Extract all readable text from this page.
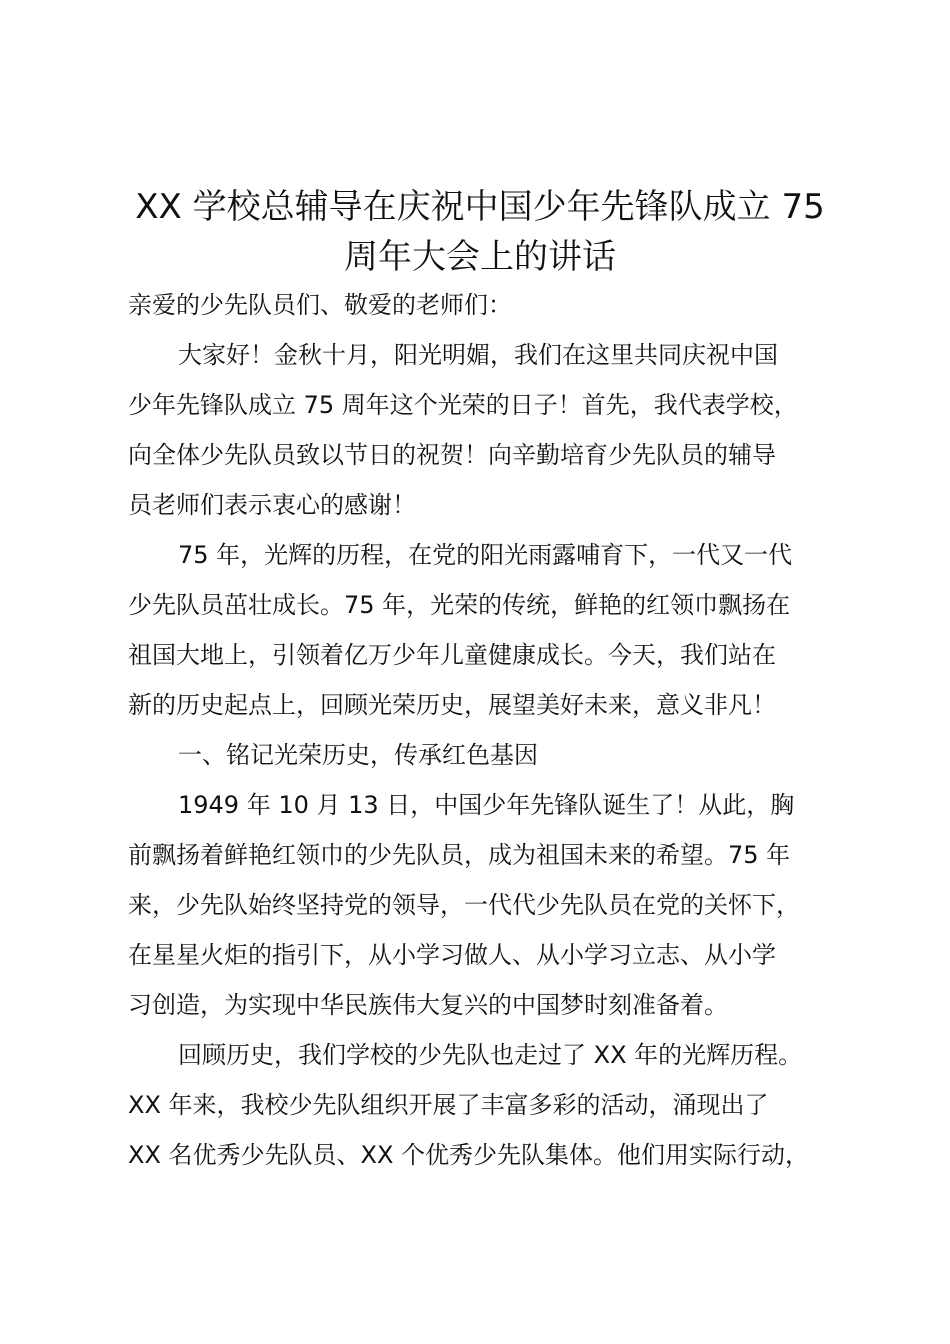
XX 学校总辅导在庆祝中国少年先锋队成立 75
周年大会上的讲话

亲爱的少先队员们、敬爱的老师们：

大家好！金秋十月，阳光明媚，我们在这里共同庆祝中国

少年先锋队成立 75 周年这个光荣的日子！首先，我代表学校，

向全体少先队员致以节日的祝贺！向辛勤培育少先队员的辅导

员老师们表示衷心的感谢！

75 年，光辉的历程，在党的阳光雨露哺育下，一代又一代

少先队员茁壮成长。75 年，光荣的传统，鲜艳的红领巾飘扬在

祖国大地上，引领着亿万少年儿童健康成长。今天，我们站在

新的历史起点上，回顾光荣历史，展望美好未来，意义非凡！

一、铭记光荣历史，传承红色基因

1949 年 10 月 13 日，中国少年先锋队诞生了！从此，胸

前飘扬着鲜艳红领巾的少先队员，成为祖国未来的希望。75 年

来，少先队始终坚持党的领导，一代代少先队员在党的关怀下，

在星星火炬的指引下，从小学习做人、从小学习立志、从小学

习创造，为实现中华民族伟大复兴的中国梦时刻准备着。

回顾历史，我们学校的少先队也走过了 XX 年的光辉历程。

XX 年来，我校少先队组织开展了丰富多彩的活动，涌现出了

XX 名优秀少先队员、XX 个优秀少先队集体。他们用实际行动，
